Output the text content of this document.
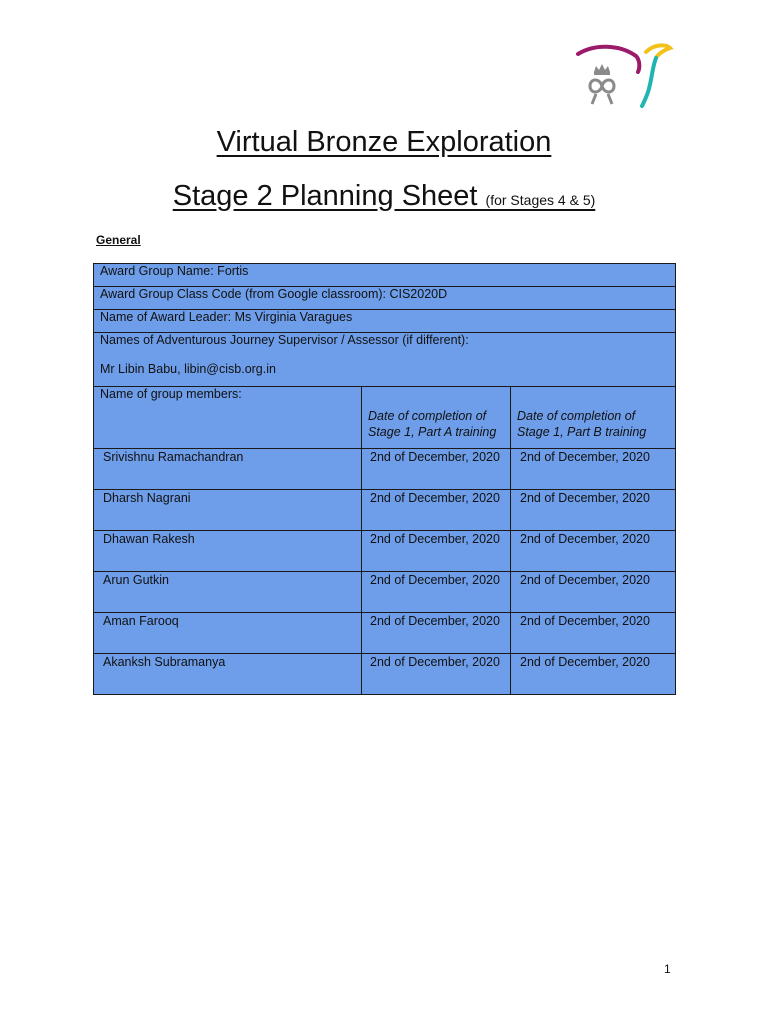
Virtual Bronze Exploration
Stage 2 Planning Sheet (for Stages 4 & 5)
General
Award Group Name: Fortis		
Award Group Class Code (from Google classroom): CIS2020D		
Name of Award Leader: Ms Virginia Varagues		
Names of Adventurous Journey Supervisor / Assessor (if different):
Mr Libin Babu, libin@cisb.org.in		

Name of group members:	Date of completion of Stage 1, Part A training	Date of completion of Stage 1, Part B training
Srivishnu Ramachandran	2nd of December, 2020	2nd of December, 2020
Dharsh Nagrani	2nd of December, 2020	2nd of December, 2020
Dhawan Rakesh	2nd of December, 2020	2nd of December, 2020
Arun Gutkin	2nd of December, 2020	2nd of December, 2020
Aman Farooq	2nd of December, 2020	2nd of December, 2020
Akanksh Subramanya	2nd of December, 2020	2nd of December, 2020
1
